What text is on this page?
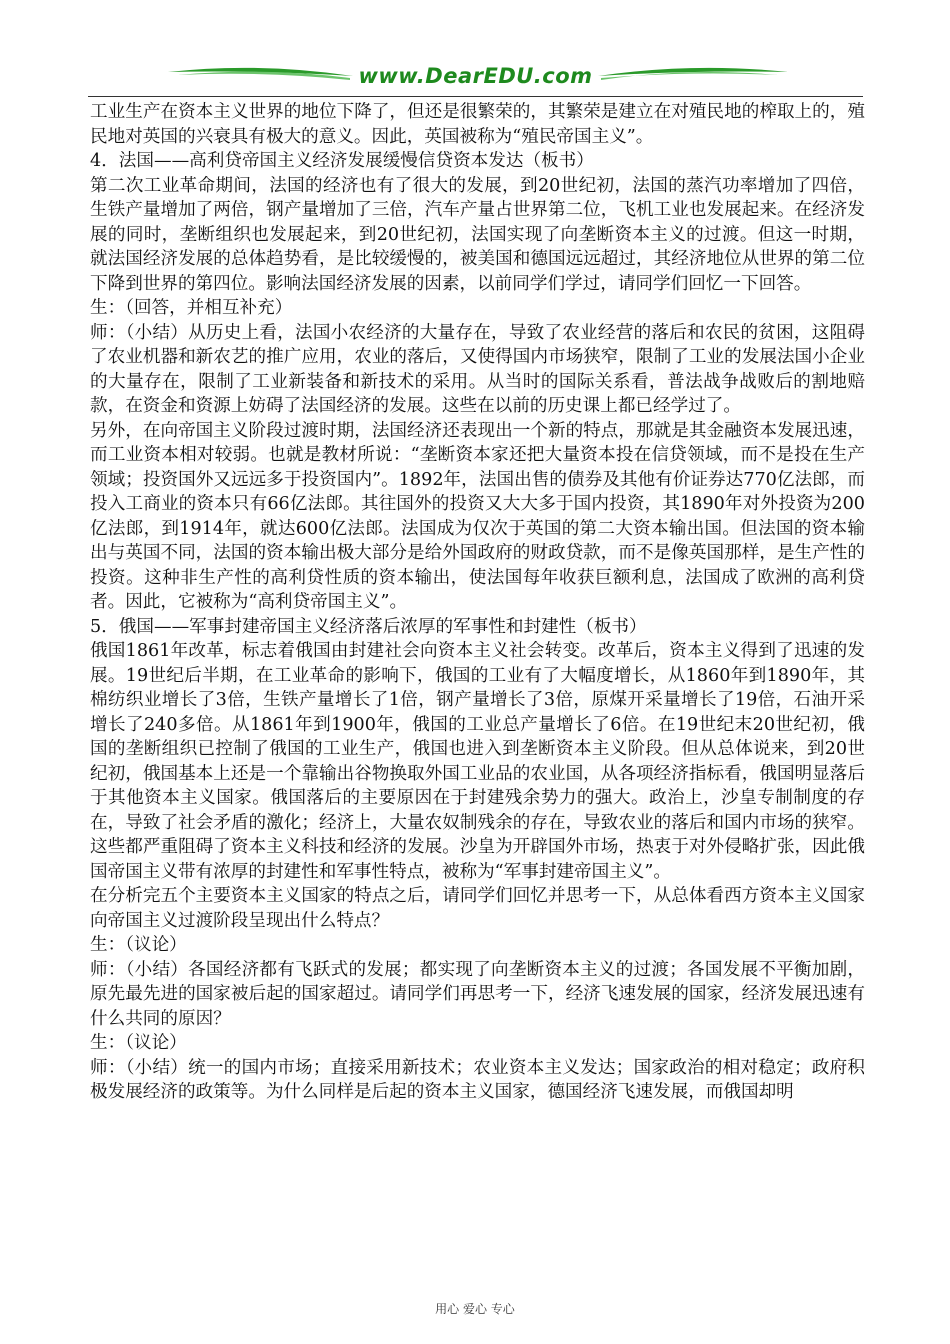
www.DearEDU.com

工业生产在资本主义世界的地位下降了，但还是很繁荣的，其繁荣是建立在对殖民地的榨取上的，殖民地对英国的兴衰具有极大的意义。因此，英国被称为“殖民帝国主义”。

4．法国——高利贷帝国主义经济发展缓慢信贷资本发达（板书）

第二次工业革命期间，法国的经济也有了很大的发展，到20世纪初，法国的蒸汽功率增加了四倍，生铁产量增加了两倍，钢产量增加了三倍，汽车产量占世界第二位，飞机工业也发展起来。在经济发展的同时，垄断组织也发展起来，到20世纪初，法国实现了向垄断资本主义的过渡。但这一时期，就法国经济发展的总体趋势看，是比较缓慢的，被美国和德国远远超过，其经济地位从世界的第二位下降到世界的第四位。影响法国经济发展的因素，以前同学们学过，请同学们回忆一下回答。

生：（回答，并相互补充）

师：（小结）从历史上看，法国小农经济的大量存在，导致了农业经营的落后和农民的贫困，这阻碍了农业机器和新农艺的推广应用，农业的落后，又使得国内市场狭窄，限制了工业的发展法国小企业的大量存在，限制了工业新装备和新技术的采用。从当时的国际关系看，普法战争战败后的割地赔款，在资金和资源上妨碍了法国经济的发展。这些在以前的历史课上都已经学过了。

另外，在向帝国主义阶段过渡时期，法国经济还表现出一个新的特点，那就是其金融资本发展迅速，而工业资本相对较弱。也就是教材所说：“垄断资本家还把大量资本投在信贷领域，而不是投在生产领域；投资国外又远远多于投资国内”。1892年，法国出售的债券及其他有价证券达770亿法郎，而投入工商业的资本只有66亿法郎。其往国外的投资又大大多于国内投资，其1890年对外投资为200亿法郎，到1914年，就达600亿法郎。法国成为仅次于英国的第二大资本输出国。但法国的资本输出与英国不同，法国的资本输出极大部分是给外国政府的财政贷款，而不是像英国那样，是生产性的投资。这种非生产性的高利贷性质的资本输出，使法国每年收获巨额利息，法国成了欧洲的高利贷者。因此，它被称为“高利贷帝国主义”。

5．俄国——军事封建帝国主义经济落后浓厚的军事性和封建性（板书）

俄国1861年改革，标志着俄国由封建社会向资本主义社会转变。改革后，资本主义得到了迅速的发展。19世纪后半期，在工业革命的影响下，俄国的工业有了大幅度增长，从1860年到1890年，其棉纺织业增长了3倍，生铁产量增长了1倍，钢产量增长了3倍，原煤开采量增长了19倍，石油开采增长了240多倍。从1861年到1900年，俄国的工业总产量增长了6倍。在19世纪末20世纪初，俄国的垄断组织已控制了俄国的工业生产，俄国也进入到垄断资本主义阶段。但从总体说来，到20世纪初，俄国基本上还是一个靠输出谷物换取外国工业品的农业国，从各项经济指标看，俄国明显落后于其他资本主义国家。俄国落后的主要原因在于封建残余势力的强大。政治上，沙皇专制制度的存在，导致了社会矛盾的激化；经济上，大量农奴制残余的存在，导致农业的落后和国内市场的狭窄。这些都严重阻碍了资本主义科技和经济的发展。沙皇为开辟国外市场，热衷于对外侵略扩张，因此俄国帝国主义带有浓厚的封建性和军事性特点，被称为“军事封建帝国主义”。

在分析完五个主要资本主义国家的特点之后，请同学们回忆并思考一下，从总体看西方资本主义国家向帝国主义过渡阶段呈现出什么特点？

生：（议论）

师：（小结）各国经济都有飞跃式的发展；都实现了向垄断资本主义的过渡；各国发展不平衡加剧，原先最先进的国家被后起的国家超过。请同学们再思考一下，经济飞速发展的国家，经济发展迅速有什么共同的原因？

生：（议论）

师：（小结）统一的国内市场；直接采用新技术；农业资本主义发达；国家政治的相对稳定；政府积极发展经济的政策等。为什么同样是后起的资本主义国家，德国经济飞速发展，而俄国却明

用心 爱心 专心
